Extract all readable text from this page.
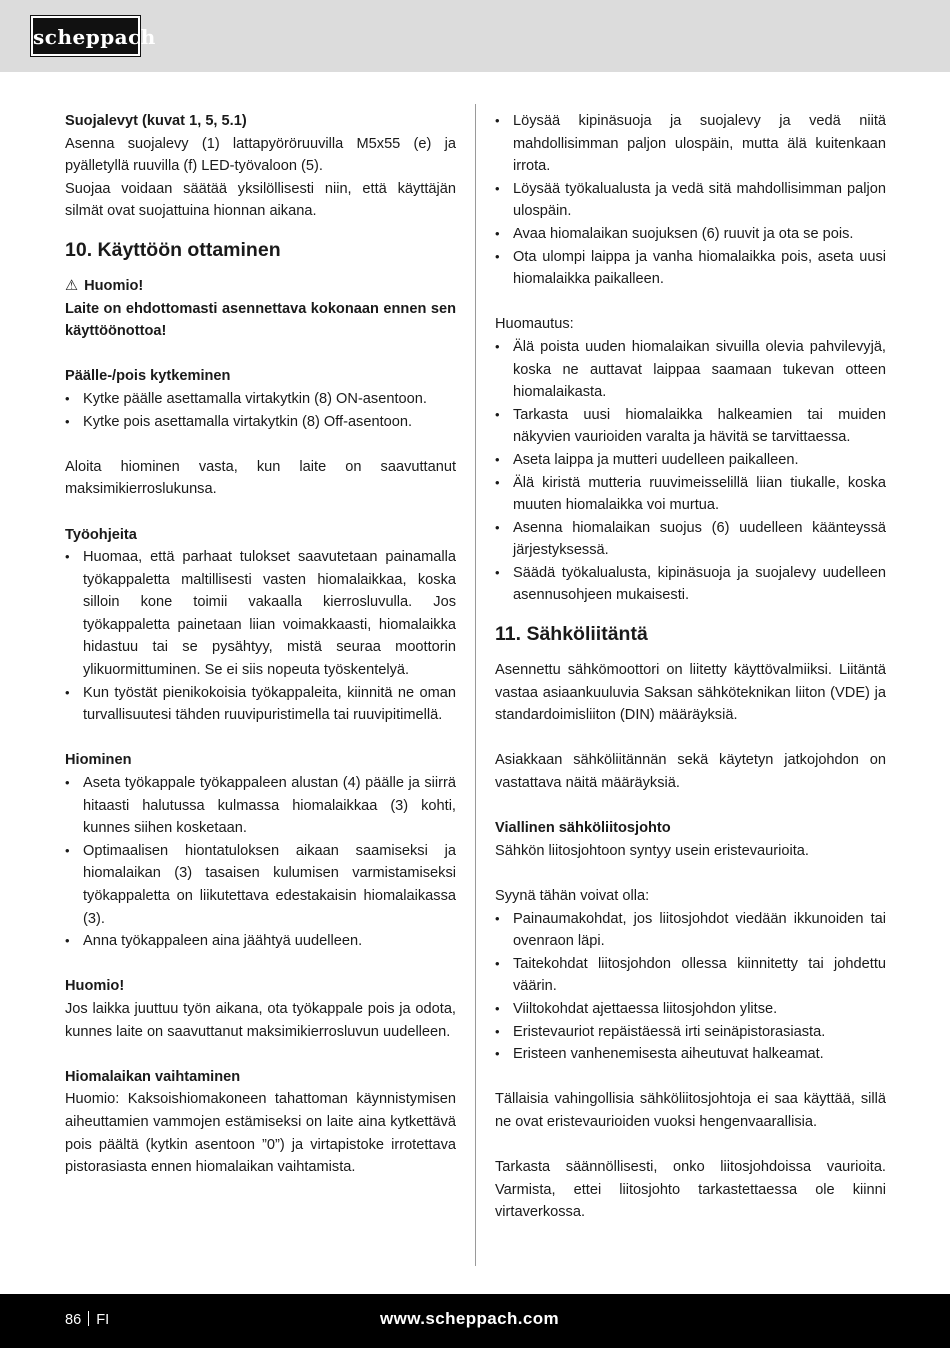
scheppach

Suojalevyt (kuvat 1, 5, 5.1)

Asenna suojalevy (1) lattapyöröruuvilla M5x55 (e) ja pyälletyllä ruuvilla (f) LED-työvaloon (5).

Suojaa voidaan säätää yksilöllisesti niin, että käyttäjän silmät ovat suojattuina hionnan aikana.

10. Käyttöön ottaminen

⚠ Huomio!

Laite on ehdottomasti asennettava kokonaan ennen sen käyttöönottoa!

Päälle-/pois kytkeminen

• Kytke päälle asettamalla virtakytkin (8) ON-asentoon.
• Kytke pois asettamalla virtakytkin (8) Off-asentoon.

Aloita hiominen vasta, kun laite on saavuttanut maksimikierroslukunsa.

Työohjeita

• Huomaa, että parhaat tulokset saavutetaan painamalla työkappaletta maltillisesti vasten hiomalaikkaa, koska silloin kone toimii vakaalla kierrosluvulla. Jos työkappaletta painetaan liian voimakkaasti, hiomalaikka hidastuu tai se pysähtyy, mistä seuraa moottorin ylikuormittuminen. Se ei siis nopeuta työskentelyä.
• Kun työstät pienikokoisia työkappaleita, kiinnitä ne oman turvallisuutesi tähden ruuvipuristimella tai ruuvipitimellä.

Hiominen

• Aseta työkappale työkappaleen alustan (4) päälle ja siirrä hitaasti halutussa kulmassa hiomalaikkaa (3) kohti, kunnes siihen kosketaan.
• Optimaalisen hiontatuloksen aikaan saamiseksi ja hiomalaikan (3) tasaisen kulumisen varmistamiseksi työkappaletta on liikutettava edestakaisin hiomalaikassa (3).
• Anna työkappaleen aina jäähtyä uudelleen.

Huomio!

Jos laikka juuttuu työn aikana, ota työkappale pois ja odota, kunnes laite on saavuttanut maksimikierrosluvun uudelleen.

Hiomalaikan vaihtaminen

Huomio: Kaksoishiomakoneen tahattoman käynnistymisen aiheuttamien vammojen estämiseksi on laite aina kytkettävä pois päältä (kytkin asentoon ”0”) ja virtapistoke irrotettava pistorasiasta ennen hiomalaikan vaihtamista.

• Löysää kipinäsuoja ja suojalevy ja vedä niitä mahdollisimman paljon ulospäin, mutta älä kuitenkaan irrota.
• Löysää työkalualusta ja vedä sitä mahdollisimman paljon ulospäin.
• Avaa hiomalaikan suojuksen (6) ruuvit ja ota se pois.
• Ota ulompi laippa ja vanha hiomalaikka pois, aseta uusi hiomalaikka paikalleen.

Huomautus:

• Älä poista uuden hiomalaikan sivuilla olevia pahvilevyjä, koska ne auttavat laippaa saamaan tukevan otteen hiomalaikasta.
• Tarkasta uusi hiomalaikka halkeamien tai muiden näkyvien vaurioiden varalta ja hävitä se tarvittaessa.
• Aseta laippa ja mutteri uudelleen paikalleen.
• Älä kiristä mutteria ruuvimeisselillä liian tiukalle, koska muuten hiomalaikka voi murtua.
• Asenna hiomalaikan suojus (6) uudelleen käänteyssä järjestyksessä.
• Säädä työkalualusta, kipinäsuoja ja suojalevy uudelleen asennusohjeen mukaisesti.
11. Sähköliitäntä

Asennettu sähkömoottori on liitetty käyttövalmiiksi. Liitäntä vastaa asiaankuuluvia Saksan sähköteknikan liiton (VDE) ja standardoimisliiton (DIN) määräyksiä.

Asiakkaan sähköliitännän sekä käytetyn jatkojohdon on vastattava näitä määräyksiä.

Viallinen sähköliitosjohto

Sähkön liitosjohtoon syntyy usein eristevaurioita.

Syynä tähän voivat olla:

• Painaumakohdat, jos liitosjohdot viedään ikkunoiden tai ovenraon läpi.
• Taitekohdat liitosjohdon ollessa kiinnitetty tai johdettu väärin.
• Viiltokohdat ajettaessa liitosjohdon ylitse.
• Eristevauriot repäistäessä irti seinäpistorasiasta.
• Eristeen vanhenemisesta aiheutuvat halkeamat.

Tällaisia vahingollisia sähköliitosjohtoja ei saa käyttää, sillä ne ovat eristevaurioiden vuoksi hengenvaarallisia.

Tarkasta säännöllisesti, onko liitosjohdoissa vaurioita. Varmista, ettei liitosjohto tarkastettaessa ole kiinni virtaverkossa.

86 FI	www.scheppach.com
